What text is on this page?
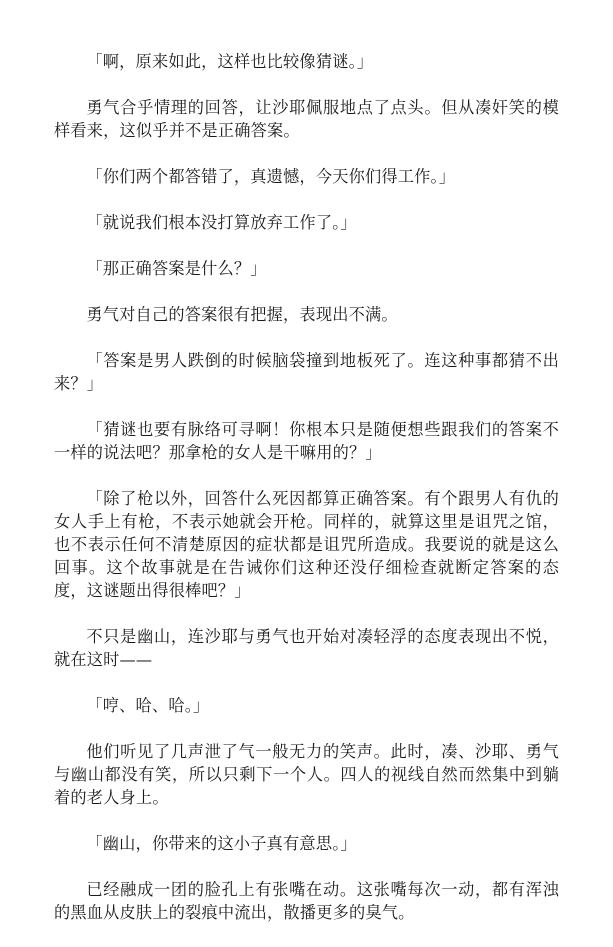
「啊，原来如此，这样也比较像猜谜。」

勇气合乎情理的回答，让沙耶佩服地点了点头。但从凑奸笑的模样看来，这似乎并不是正确答案。

「你们两个都答错了，真遗憾，今天你们得工作。」

「就说我们根本没打算放弃工作了。」

「那正确答案是什么？」

勇气对自己的答案很有把握，表现出不满。

「答案是男人跌倒的时候脑袋撞到地板死了。连这种事都猜不出来？」

「猜谜也要有脉络可寻啊！你根本只是随便想些跟我们的答案不一样的说法吧？那拿枪的女人是干嘛用的？」

「除了枪以外，回答什么死因都算正确答案。有个跟男人有仇的女人手上有枪，不表示她就会开枪。同样的，就算这里是诅咒之馆，也不表示任何不清楚原因的症状都是诅咒所造成。我要说的就是这么回事。这个故事就是在告诫你们这种还没仔细检查就断定答案的态度，这谜题出得很棒吧？」

不只是幽山，连沙耶与勇气也开始对凑轻浮的态度表现出不悦，就在这时——

「哼、哈、哈。」

他们听见了几声泄了气一般无力的笑声。此时，凑、沙耶、勇气与幽山都没有笑，所以只剩下一个人。四人的视线自然而然集中到躺着的老人身上。

「幽山，你带来的这小子真有意思。」

已经融成一团的脸孔上有张嘴在动。这张嘴每次一动，都有浑浊的黑血从皮肤上的裂痕中流出，散播更多的臭气。
